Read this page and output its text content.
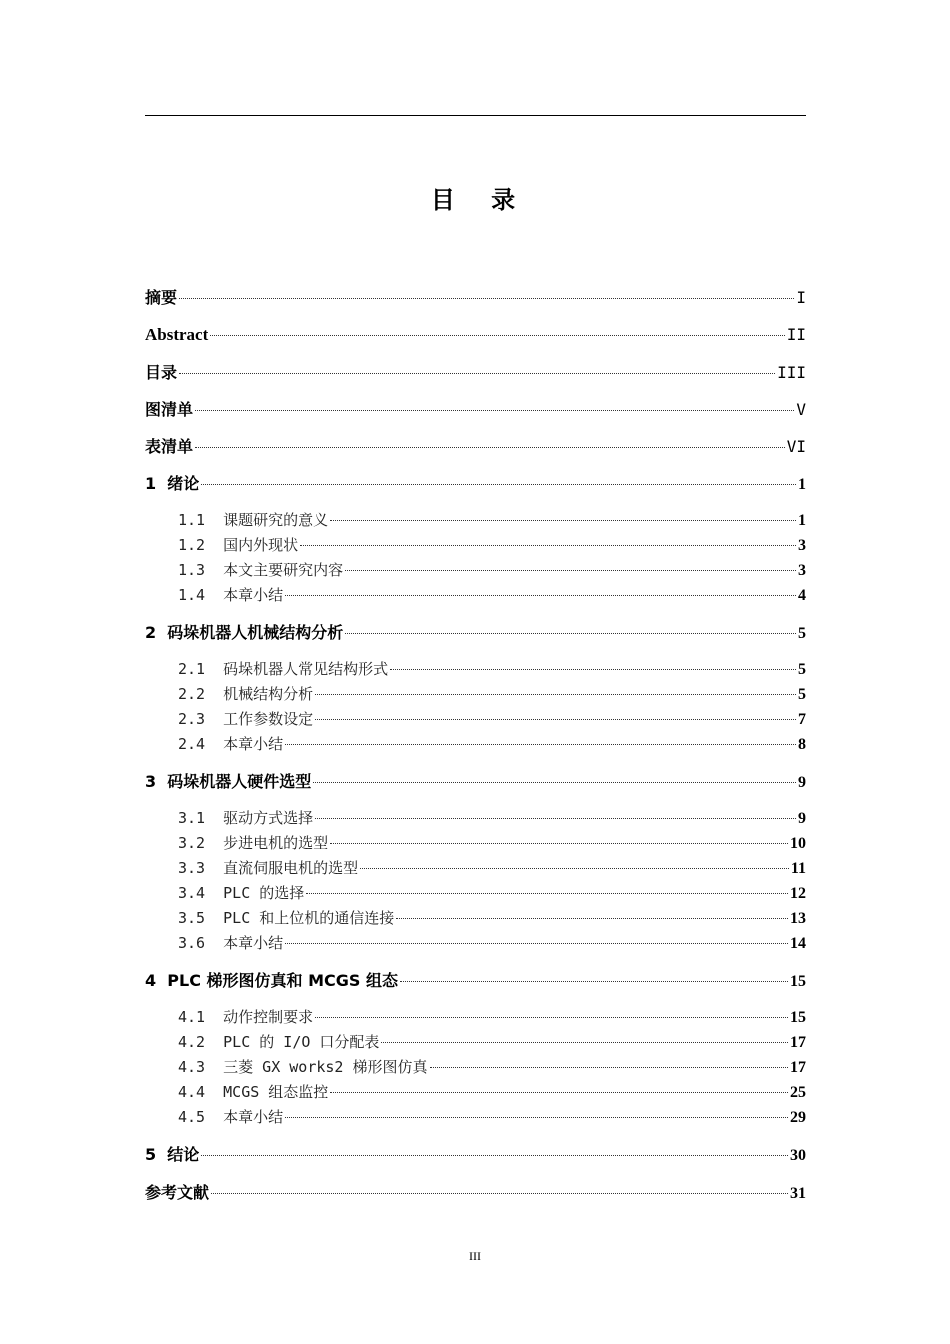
目 录
摘要	I
Abstract	II
目录	III
图清单	V
表清单	VI
1  绪论	1
1.1  课题研究的意义	1
1.2  国内外现状	3
1.3  本文主要研究内容	3
1.4  本章小结	4
2  码垛机器人机械结构分析	5
2.1  码垛机器人常见结构形式	5
2.2  机械结构分析	5
2.3  工作参数设定	7
2.4  本章小结	8
3  码垛机器人硬件选型	9
3.1  驱动方式选择	9
3.2  步进电机的选型	10
3.3  直流伺服电机的选型	11
3.4  PLC 的选择	12
3.5  PLC 和上位机的通信连接	13
3.6  本章小结	14
4  PLC 梯形图仿真和 MCGS 组态	15
4.1  动作控制要求	15
4.2  PLC 的 I/O 口分配表	17
4.3  三菱 GX works2 梯形图仿真	17
4.4  MCGS 组态监控	25
4.5  本章小结	29
5  结论	30
参考文献	31
III
